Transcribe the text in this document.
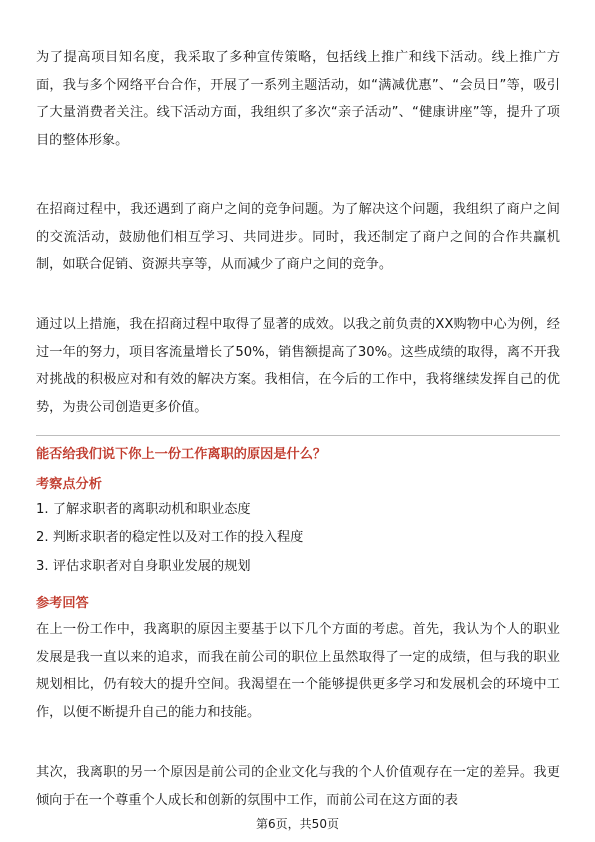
为了提高项目知名度，我采取了多种宣传策略，包括线上推广和线下活动。线上推广方面，我与多个网络平台合作，开展了一系列主题活动，如“满减优惠”、“会员日”等，吸引了大量消费者关注。线下活动方面，我组织了多次“亲子活动”、“健康讲座”等，提升了项目的整体形象。

在招商过程中，我还遇到了商户之间的竞争问题。为了解决这个问题，我组织了商户之间的交流活动，鼓励他们相互学习、共同进步。同时，我还制定了商户之间的合作共赢机制，如联合促销、资源共享等，从而减少了商户之间的竞争。

通过以上措施，我在招商过程中取得了显著的成效。以我之前负责的XX购物中心为例，经过一年的努力，项目客流量增长了50%，销售额提高了30%。这些成绩的取得，离不开我对挑战的积极应对和有效的解决方案。我相信，在今后的工作中，我将继续发挥自己的优势，为贵公司创造更多价值。

能否给我们说下你上一份工作离职的原因是什么？

考察点分析

1. 了解求职者的离职动机和职业态度

2. 判断求职者的稳定性以及对工作的投入程度

3. 评估求职者对自身职业发展的规划

参考回答

在上一份工作中，我离职的原因主要基于以下几个方面的考虑。首先，我认为个人的职业发展是我一直以来的追求，而我在前公司的职位上虽然取得了一定的成绩，但与我的职业规划相比，仍有较大的提升空间。我渴望在一个能够提供更多学习和发展机会的环境中工作，以便不断提升自己的能力和技能。

其次，我离职的另一个原因是前公司的企业文化与我的个人价值观存在一定的差异。我更倾向于在一个尊重个人成长和创新的氛围中工作，而前公司在这方面的表

第6页，共50页
